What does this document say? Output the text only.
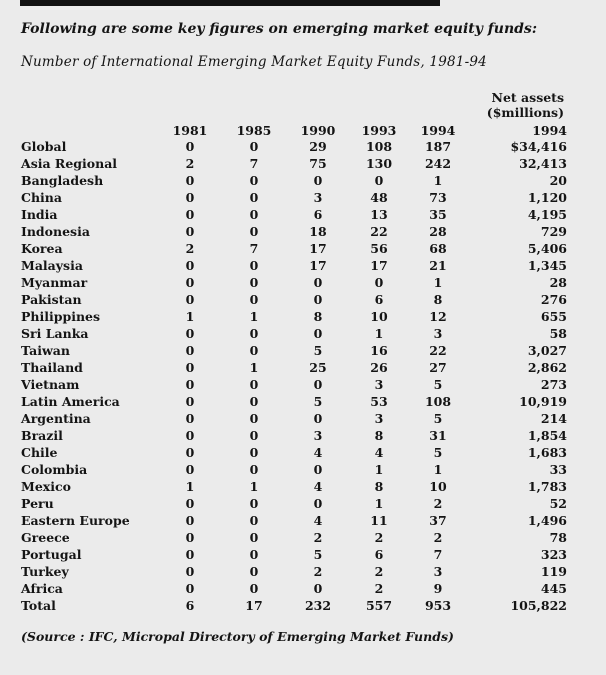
Following are some key figures on emerging market equity funds:
Number of International Emerging Market Equity Funds, 1981-94
Net assets
($millions)
	1981	1985	1990	1993	1994	1994
Global	0	0	29	108	187	$34,416
Asia Regional	2	7	75	130	242	32,413
Bangladesh	0	0	0	0	1	20
China	0	0	3	48	73	1,120
India	0	0	6	13	35	4,195
Indonesia	0	0	18	22	28	729
Korea	2	7	17	56	68	5,406
Malaysia	0	0	17	17	21	1,345
Myanmar	0	0	0	0	1	28
Pakistan	0	0	0	6	8	276
Philippines	1	1	8	10	12	655
Sri Lanka	0	0	0	1	3	58
Taiwan	0	0	5	16	22	3,027
Thailand	0	1	25	26	27	2,862
Vietnam	0	0	0	3	5	273
Latin America	0	0	5	53	108	10,919
Argentina	0	0	0	3	5	214
Brazil	0	0	3	8	31	1,854
Chile	0	0	4	4	5	1,683
Colombia	0	0	0	1	1	33
Mexico	1	1	4	8	10	1,783
Peru	0	0	0	1	2	52
Eastern Europe	0	0	4	11	37	1,496
Greece	0	0	2	2	2	78
Portugal	0	0	5	6	7	323
Turkey	0	0	2	2	3	119
Africa	0	0	0	2	9	445
Total	6	17	232	557	953	105,822
(Source : IFC, Micropal Directory of Emerging Market Funds)
